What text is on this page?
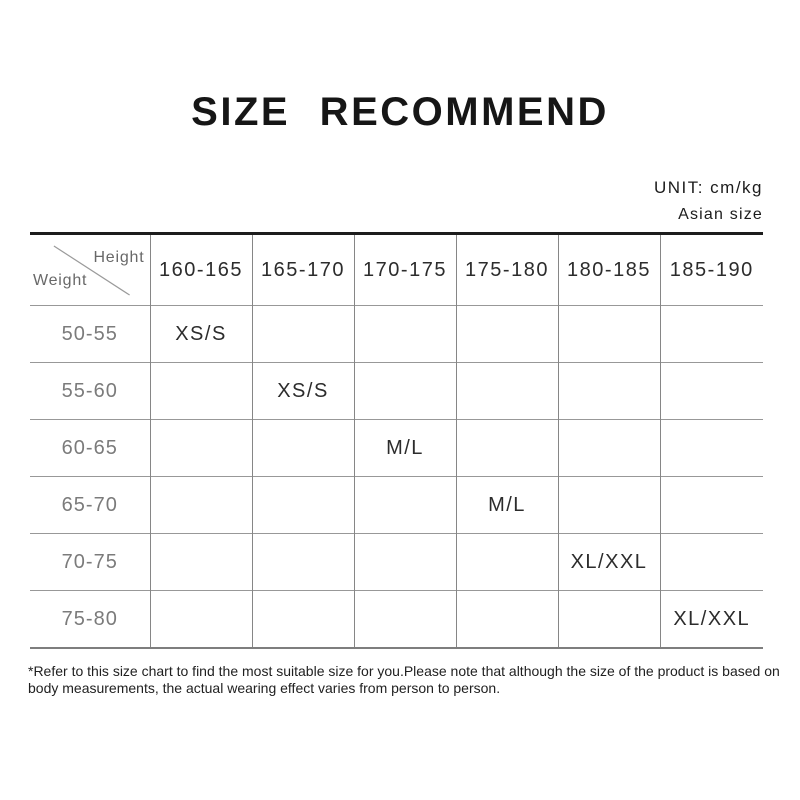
SIZE RECOMMEND
UNIT: cm/kg
Asian size
Height
Weight	160-165	165-170	170-175	175-180	180-185	185-190
50-55	XS/S					
55-60		XS/S				
60-65			M/L			
65-70				M/L		
70-75					XL/XXL	
75-80						XL/XXL

*Refer to this size chart to find the most suitable size for you.Please note that although the size of the product is based on body measurements, the actual wearing effect varies from person to person.
